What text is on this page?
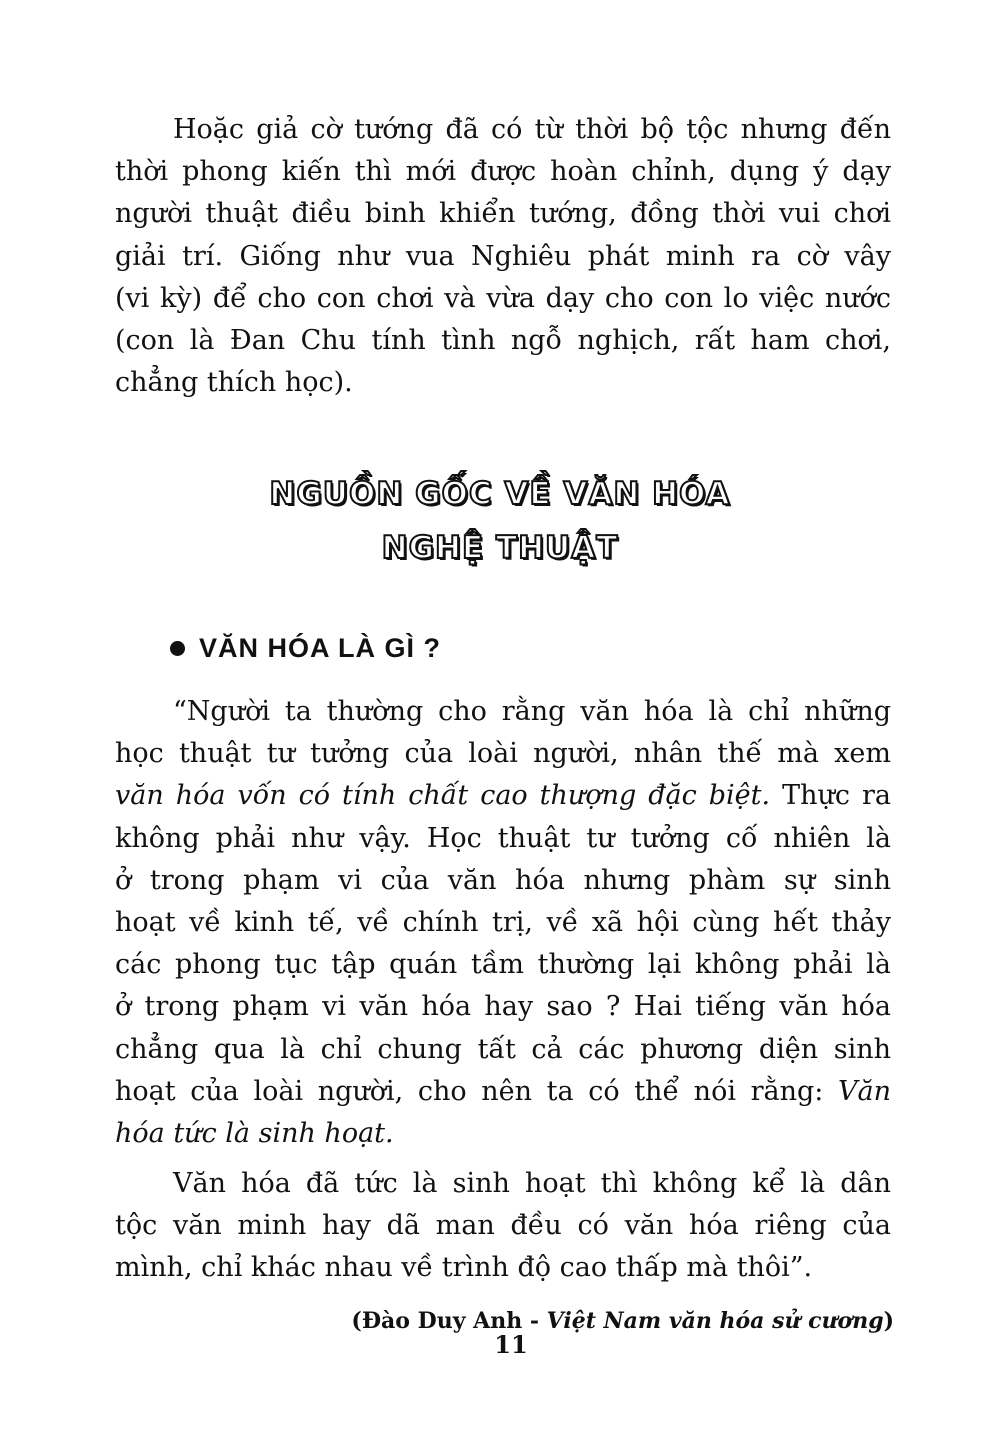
Hoặc giả cờ tướng đã có từ thời bộ tộc nhưng đến
thời phong kiến thì mới được hoàn chỉnh, dụng ý dạy
người thuật điều binh khiển tướng, đồng thời vui chơi
giải trí. Giống như vua Nghiêu phát minh ra cờ vây
(vi kỳ) để cho con chơi và vừa dạy cho con lo việc nước
(con là Đan Chu tính tình ngỗ nghịch, rất ham chơi,
chẳng thích học).
NGUỒN GỐC VỀ VĂN HÓA
NGHỆ THUẬT
VĂN HÓA LÀ GÌ ?
“Người ta thường cho rằng văn hóa là chỉ những
học thuật tư tưởng của loài người, nhân thế mà xem
văn hóa vốn có tính chất cao thượng đặc biệt. Thực ra
không phải như vậy. Học thuật tư tưởng cố nhiên là
ở trong phạm vi của văn hóa nhưng phàm sự sinh
hoạt về kinh tế, về chính trị, về xã hội cùng hết thảy
các phong tục tập quán tầm thường lại không phải là
ở trong phạm vi văn hóa hay sao ? Hai tiếng văn hóa
chẳng qua là chỉ chung tất cả các phương diện sinh
hoạt của loài người, cho nên ta có thể nói rằng: Văn
hóa tức là sinh hoạt.
Văn hóa đã tức là sinh hoạt thì không kể là dân
tộc văn minh hay dã man đều có văn hóa riêng của
mình, chỉ khác nhau về trình độ cao thấp mà thôi”.
(Đào Duy Anh - Việt Nam văn hóa sử cương)
11
